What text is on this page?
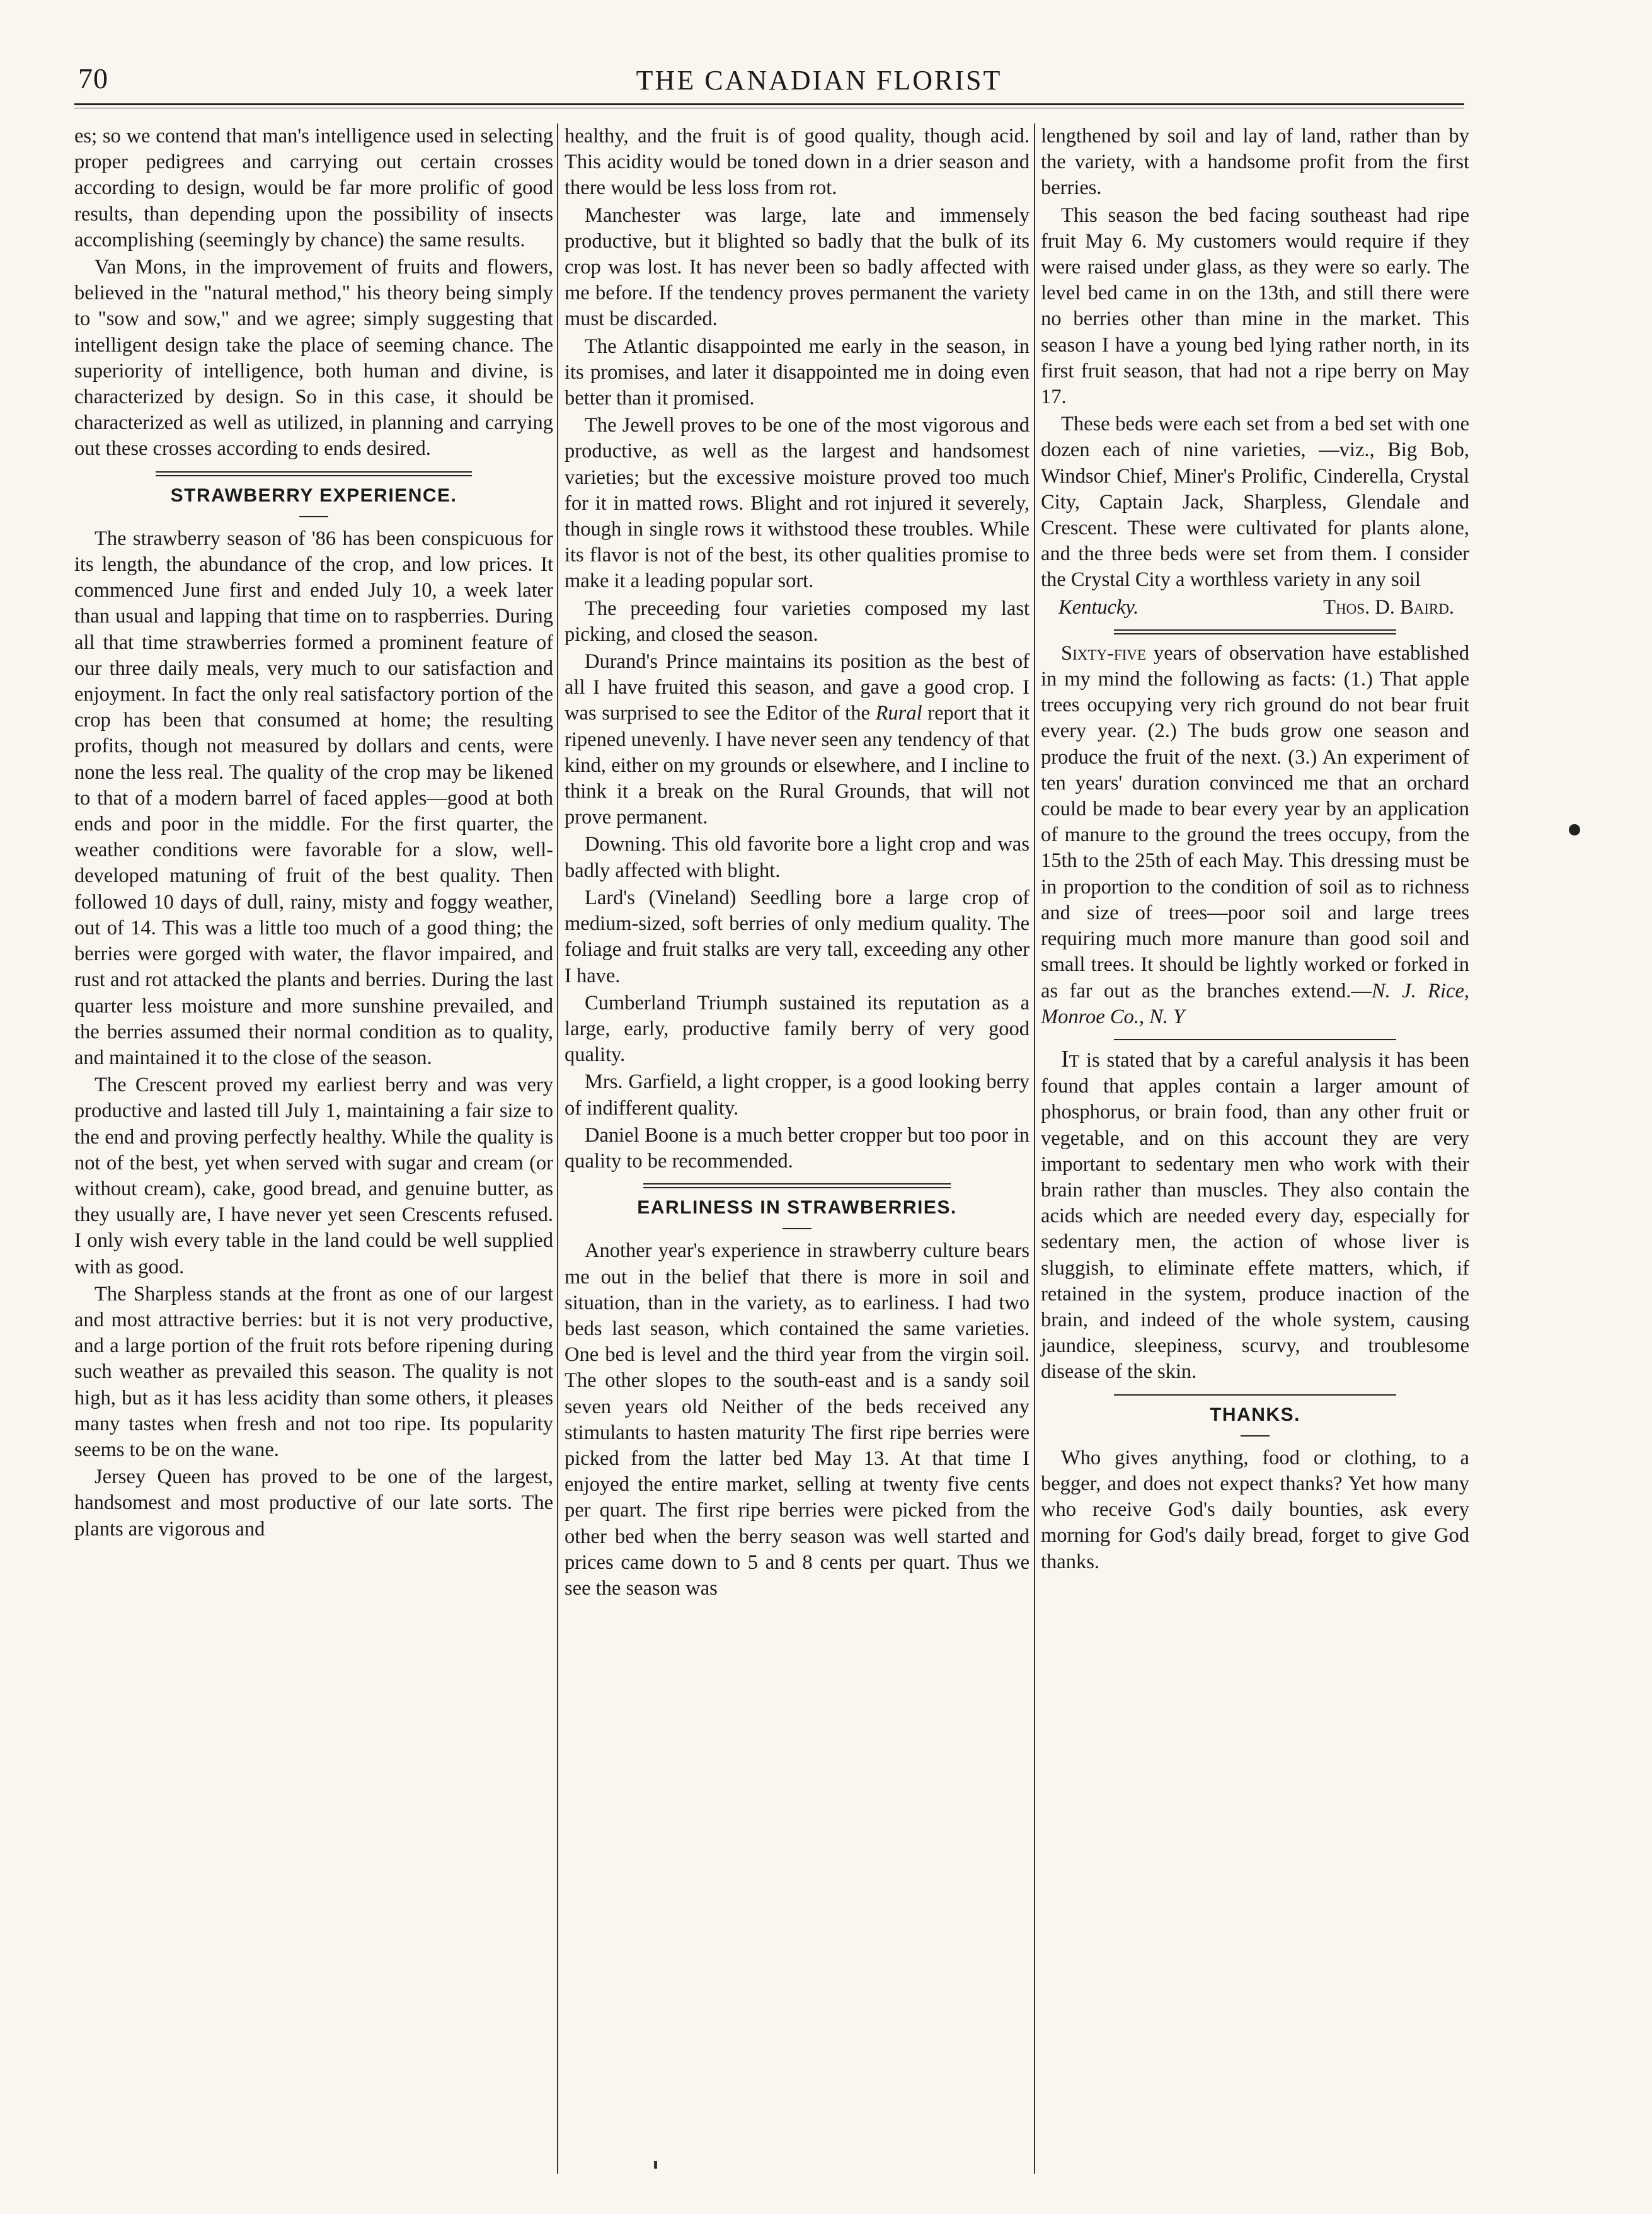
70	THE CANADIAN FLORIST

es; so we contend that man's intelligence used in selecting proper pedigrees and carrying out certain crosses according to design, would be far more prolific of good results, than depending upon the possibility of insects accomplishing (seemingly by chance) the same results.

Van Mons, in the improvement of fruits and flowers, believed in the "natural method," his theory being simply to "sow and sow," and we agree; simply suggesting that intelligent design take the place of seeming chance. The superiority of intelligence, both human and divine, is characterized by design. So in this case, it should be characterized as well as utilized, in planning and carrying out these crosses according to ends desired.

STRAWBERRY EXPERIENCE.

The strawberry season of '86 has been conspicuous for its length, the abundance of the crop, and low prices. It commenced June first and ended July 10, a week later than usual and lapping that time on to raspberries. During all that time strawberries formed a prominent feature of our three daily meals, very much to our satisfaction and enjoyment. In fact the only real satisfactory portion of the crop has been that consumed at home; the resulting profits, though not measured by dollars and cents, were none the less real. The quality of the crop may be likened to that of a modern barrel of faced apples—good at both ends and poor in the middle. For the first quarter, the weather conditions were favorable for a slow, well-developed matuning of fruit of the best quality. Then followed 10 days of dull, rainy, misty and foggy weather, out of 14. This was a little too much of a good thing; the berries were gorged with water, the flavor impaired, and rust and rot attacked the plants and berries. During the last quarter less moisture and more sunshine prevailed, and the berries assumed their normal condition as to quality, and maintained it to the close of the season.

The Crescent proved my earliest berry and was very productive and lasted till July 1, maintaining a fair size to the end and proving perfectly healthy. While the quality is not of the best, yet when served with sugar and cream (or without cream), cake, good bread, and genuine butter, as they usually are, I have never yet seen Crescents refused. I only wish every table in the land could be well supplied with as good.

The Sharpless stands at the front as one of our largest and most attractive berries: but it is not very productive, and a large portion of the fruit rots before ripening during such weather as prevailed this season. The quality is not high, but as it has less acidity than some others, it pleases many tastes when fresh and not too ripe. Its popularity seems to be on the wane.

Jersey Queen has proved to be one of the largest, handsomest and most productive of our late sorts. The plants are vigorous and

healthy, and the fruit is of good quality, though acid. This acidity would be toned down in a drier season and there would be less loss from rot.

Manchester was large, late and immensely productive, but it blighted so badly that the bulk of its crop was lost. It has never been so badly affected with me before. If the tendency proves permanent the variety must be discarded.

The Atlantic disappointed me early in the season, in its promises, and later it disappointed me in doing even better than it promised.

The Jewell proves to be one of the most vigorous and productive, as well as the largest and handsomest varieties; but the excessive moisture proved too much for it in matted rows. Blight and rot injured it severely, though in single rows it withstood these troubles. While its flavor is not of the best, its other qualities promise to make it a leading popular sort.

The preceeding four varieties composed my last picking, and closed the season.

Durand's Prince maintains its position as the best of all I have fruited this season, and gave a good crop. I was surprised to see the Editor of the Rural report that it ripened unevenly. I have never seen any tendency of that kind, either on my grounds or elsewhere, and I incline to think it a break on the Rural Grounds, that will not prove permanent.

Downing. This old favorite bore a light crop and was badly affected with blight.

Lard's (Vineland) Seedling bore a large crop of medium-sized, soft berries of only medium quality. The foliage and fruit stalks are very tall, exceeding any other I have.

Cumberland Triumph sustained its reputation as a large, early, productive family berry of very good quality.

Mrs. Garfield, a light cropper, is a good looking berry of indifferent quality.

Daniel Boone is a much better cropper but too poor in quality to be recommended.

EARLINESS IN STRAWBERRIES.

Another year's experience in strawberry culture bears me out in the belief that there is more in soil and situation, than in the variety, as to earliness. I had two beds last season, which contained the same varieties. One bed is level and the third year from the virgin soil. The other slopes to the south-east and is a sandy soil seven years old Neither of the beds received any stimulants to hasten maturity The first ripe berries were picked from the latter bed May 13. At that time I enjoyed the entire market, selling at twenty five cents per quart. The first ripe berries were picked from the other bed when the berry season was well started and prices came down to 5 and 8 cents per quart. Thus we see the season was

lengthened by soil and lay of land, rather than by the variety, with a handsome profit from the first berries.

This season the bed facing southeast had ripe fruit May 6. My customers would require if they were raised under glass, as they were so early. The level bed came in on the 13th, and still there were no berries other than mine in the market. This season I have a young bed lying rather north, in its first fruit season, that had not a ripe berry on May 17.

These beds were each set from a bed set with one dozen each of nine varieties, —viz., Big Bob, Windsor Chief, Miner's Prolific, Cinderella, Crystal City, Captain Jack, Sharpless, Glendale and Crescent. These were cultivated for plants alone, and the three beds were set from them. I consider the Crystal City a worthless variety in any soil

Kentucky.	Thos. D. Baird.

Sixty-five years of observation have established in my mind the following as facts: (1.) That apple trees occupying very rich ground do not bear fruit every year. (2.) The buds grow one season and produce the fruit of the next. (3.) An experiment of ten years' duration convinced me that an orchard could be made to bear every year by an application of manure to the ground the trees occupy, from the 15th to the 25th of each May. This dressing must be in proportion to the condition of soil as to richness and size of trees—poor soil and large trees requiring much more manure than good soil and small trees. It should be lightly worked or forked in as far out as the branches extend.—N. J. Rice, Monroe Co., N. Y

It is stated that by a careful analysis it has been found that apples contain a larger amount of phosphorus, or brain food, than any other fruit or vegetable, and on this account they are very important to sedentary men who work with their brain rather than muscles. They also contain the acids which are needed every day, especially for sedentary men, the action of whose liver is sluggish, to eliminate effete matters, which, if retained in the system, produce inaction of the brain, and indeed of the whole system, causing jaundice, sleepiness, scurvy, and troublesome disease of the skin.

THANKS.

Who gives anything, food or clothing, to a begger, and does not expect thanks? Yet how many who receive God's daily bounties, ask every morning for God's daily bread, forget to give God thanks.
